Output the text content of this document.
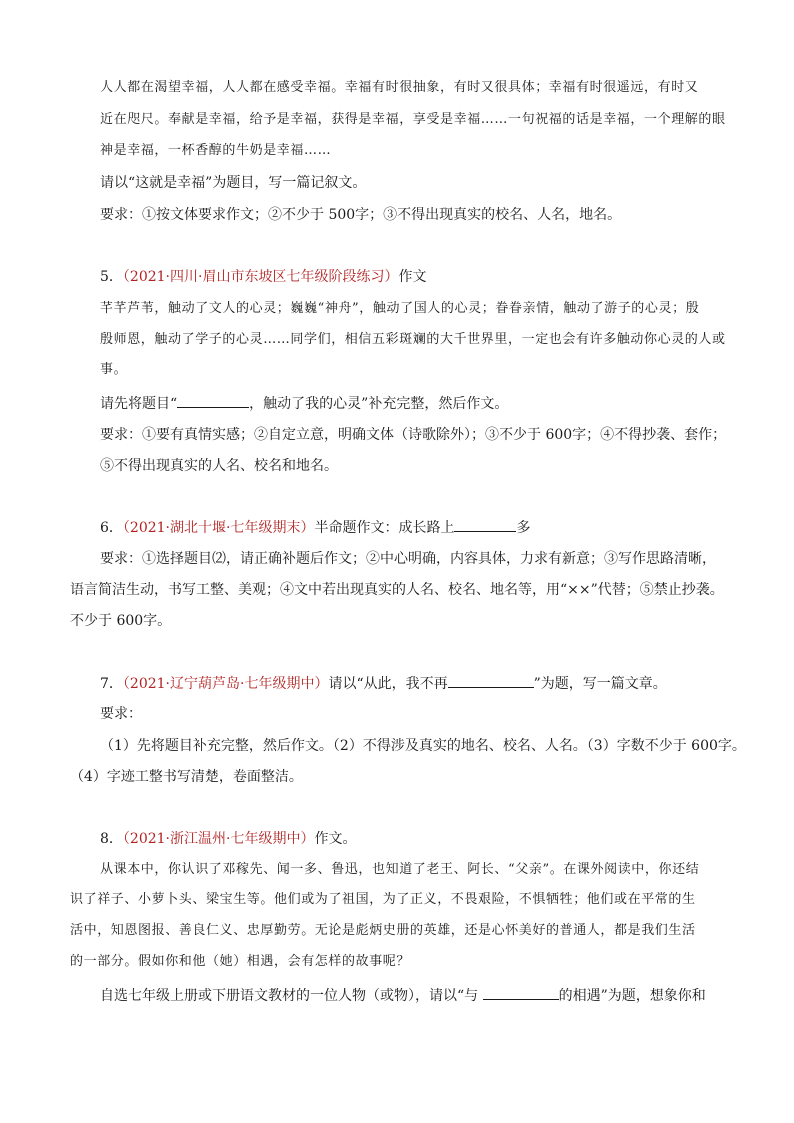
人人都在渴望幸福，人人都在感受幸福。幸福有时很抽象，有时又很具体；幸福有时很遥远，有时又
近在咫尺。奉献是幸福，给予是幸福，获得是幸福，享受是幸福……一句祝福的话是幸福，一个理解的眼
神是幸福，一杯香醇的牛奶是幸福……
请以“这就是幸福”为题目，写一篇记叙文。
要求：①按文体要求作文；②不少于 500字；③不得出现真实的校名、人名，地名。
5．（2021·四川·眉山市东坡区七年级阶段练习）作文
芊芊芦苇，触动了文人的心灵；巍巍“神舟”，触动了国人的心灵；眷眷亲情，触动了游子的心灵；殷
殷师恩，触动了学子的心灵……同学们，相信五彩斑斓的大千世界里，一定也会有许多触动你心灵的人或
事。
请先将题目“	，触动了我的心灵”补充完整，然后作文。
要求：①要有真情实感；②自定立意，明确文体（诗歌除外）；③不少于 600字；④不得抄袭、套作；
⑤不得出现真实的人名、校名和地名。
6．（2021·湖北十堰·七年级期末）半命题作文：成长路上	多
要求：①选择题目⑵，请正确补题后作文；②中心明确，内容具体，力求有新意；③写作思路清晰，
语言简洁生动，书写工整、美观；④文中若出现真实的人名、校名、地名等，用“××”代替；⑤禁止抄袭。
不少于 600字。
7．（2021·辽宁葫芦岛·七年级期中）请以“从此，我不再	”为题，写一篇文章。
要求：
（1）先将题目补充完整，然后作文。（2）不得涉及真实的地名、校名、人名。（3）字数不少于 600字。
（4）字迹工整书写清楚，卷面整洁。
8．（2021·浙江温州·七年级期中）作文。
从课本中，你认识了邓稼先、闻一多、鲁迅，也知道了老王、阿长、“父亲”。在课外阅读中，你还结
识了祥子、小萝卜头、梁宝生等。他们或为了祖国，为了正义，不畏艰险，不惧牺牲；他们或在平常的生
活中，知恩图报、善良仁义、忠厚勤劳。无论是彪炳史册的英雄，还是心怀美好的普通人，都是我们生活
的一部分。假如你和他（她）相遇，会有怎样的故事呢？
自选七年级上册或下册语文教材的一位人物（或物），请以“与	的相遇”为题，想象你和
